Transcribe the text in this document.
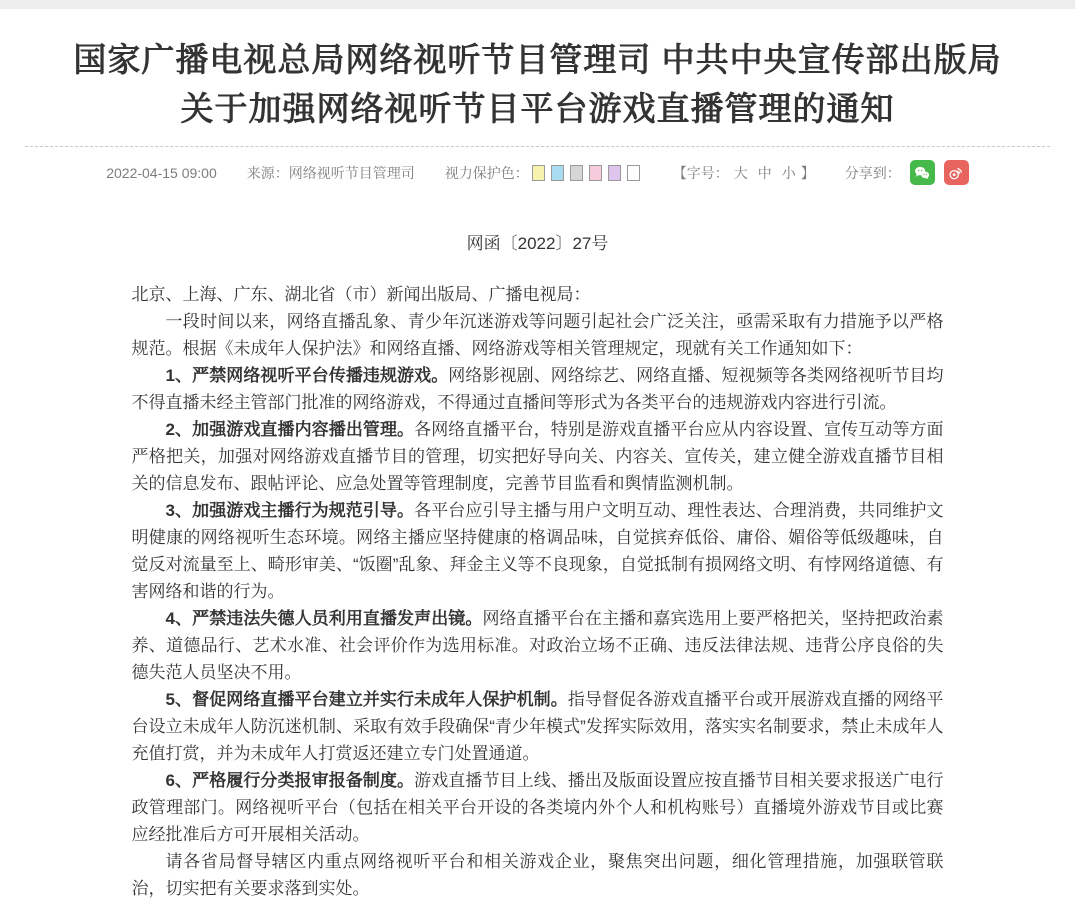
国家广播电视总局网络视听节目管理司 中共中央宣传部出版局
关于加强网络视听节目平台游戏直播管理的通知
2022-04-15 09:00 来源： 网络视听节目管理司 视力保护色：	【字号： 大 中 小 】 分享到：

网函〔2022〕27号

北京、上海、广东、湖北省（市）新闻出版局、广播电视局：

一段时间以来，网络直播乱象、青少年沉迷游戏等问题引起社会广泛关注，亟需采取有力措施予以严格规范。根据《未成年人保护法》和网络直播、网络游戏等相关管理规定，现就有关工作通知如下：

1、严禁网络视听平台传播违规游戏。网络影视剧、网络综艺、网络直播、短视频等各类网络视听节目均不得直播未经主管部门批准的网络游戏，不得通过直播间等形式为各类平台的违规游戏内容进行引流。

2、加强游戏直播内容播出管理。各网络直播平台，特别是游戏直播平台应从内容设置、宣传互动等方面严格把关，加强对网络游戏直播节目的管理，切实把好导向关、内容关、宣传关，建立健全游戏直播节目相关的信息发布、跟帖评论、应急处置等管理制度，完善节目监看和舆情监测机制。

3、加强游戏主播行为规范引导。各平台应引导主播与用户文明互动、理性表达、合理消费，共同维护文明健康的网络视听生态环境。网络主播应坚持健康的格调品味，自觉摈弃低俗、庸俗、媚俗等低级趣味，自觉反对流量至上、畸形审美、“饭圈”乱象、拜金主义等不良现象，自觉抵制有损网络文明、有悖网络道德、有害网络和谐的行为。

4、严禁违法失德人员利用直播发声出镜。网络直播平台在主播和嘉宾选用上要严格把关，坚持把政治素养、道德品行、艺术水准、社会评价作为选用标准。对政治立场不正确、违反法律法规、违背公序良俗的失德失范人员坚决不用。

5、督促网络直播平台建立并实行未成年人保护机制。指导督促各游戏直播平台或开展游戏直播的网络平台设立未成年人防沉迷机制、采取有效手段确保“青少年模式”发挥实际效用，落实实名制要求，禁止未成年人充值打赏，并为未成年人打赏返还建立专门处置通道。

6、严格履行分类报审报备制度。游戏直播节目上线、播出及版面设置应按直播节目相关要求报送广电行政管理部门。网络视听平台（包括在相关平台开设的各类境内外个人和机构账号）直播境外游戏节目或比赛应经批准后方可开展相关活动。

请各省局督导辖区内重点网络视听平台和相关游戏企业，聚焦突出问题，细化管理措施，加强联管联治，切实把有关要求落到实处。
